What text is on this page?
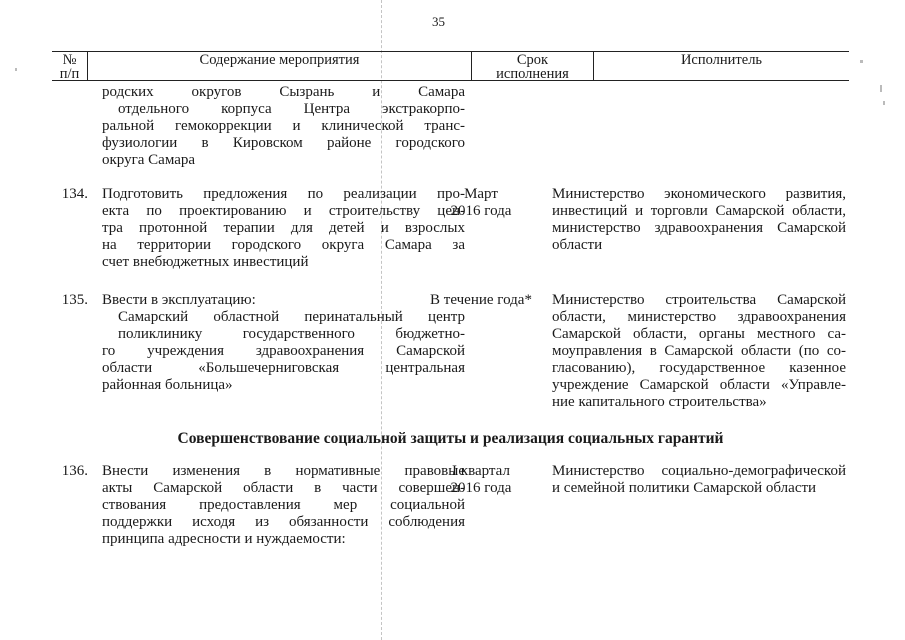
35
№
п/п
Содержание мероприятия	Срок
исполнения
Исполнитель
родских округов Сызрань и Самара
отдельного корпуса Центра экстракорпо-
ральной гемокоррекции и клинической транс-
фузиологии в Кировском районе городского
округа Самара
134. Подготовить предложения по реализации про-
екта по проектированию и строительству цен-
тра протонной терапии для детей и взрослых
на территории городского округа Самара за
счет внебюджетных инвестиций
Март
2016 года
Министерство экономического развития,
инвестиций и торговли Самарской области,
министерство здравоохранения Самарской
области
135. Ввести в эксплуатацию:
Самарский областной перинатальный центр
поликлинику государственного бюджетно-
го учреждения здравоохранения Самарской
области «Большечерниговская центральная
районная больница»
В течение года*	Министерство строительства Самарской
области, министерство здравоохранения
Самарской области, органы местного са-
моуправления в Самарской области (по со-
гласованию), государственное казенное
учреждение Самарской области «Управле-
ние капитального строительства»
Совершенствование социальной защиты и реализация социальных гарантий
136. Внести изменения в нормативные правовые
акты Самарской области в части совершен-
ствования предоставления мер социальной
поддержки исходя из обязанности соблюдения
принципа адресности и нуждаемости:
I квартал
2016 года
Министерство социально-демографической
и семейной политики Самарской области
